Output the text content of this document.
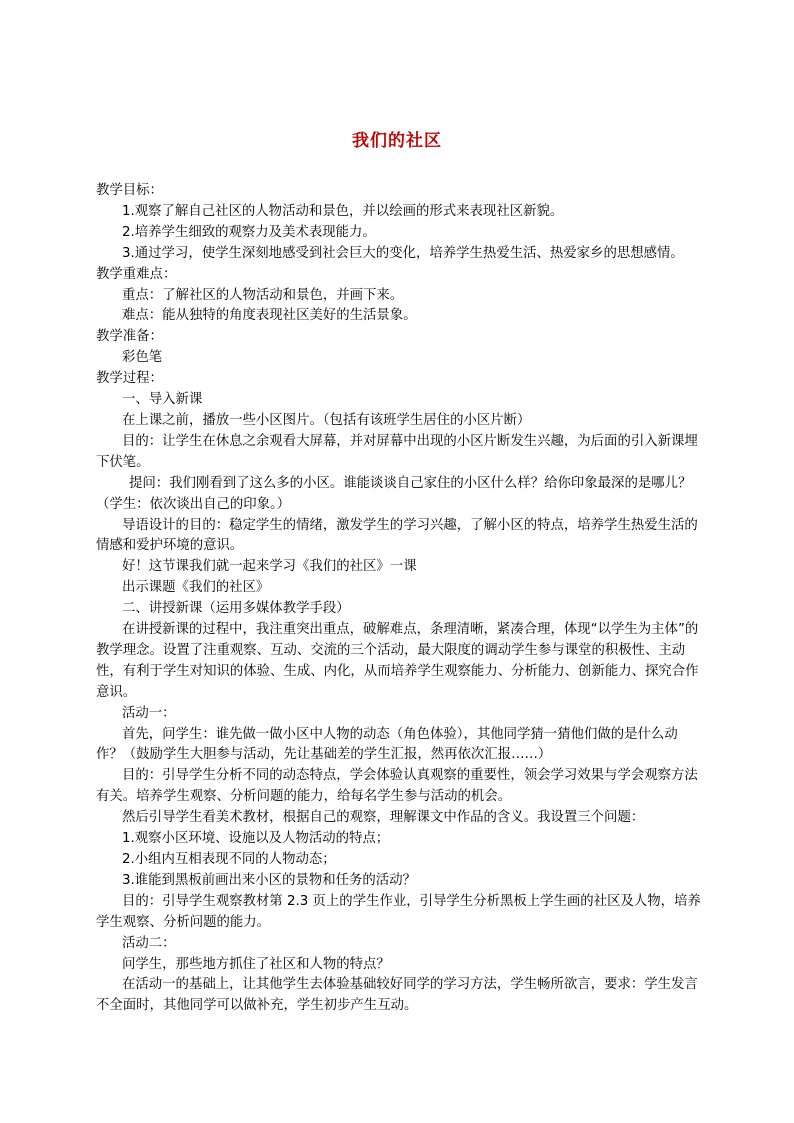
我们的社区

教学目标：

1.观察了解自己社区的人物活动和景色，并以绘画的形式来表现社区新貌。

2.培养学生细致的观察力及美术表现能力。

3.通过学习，使学生深刻地感受到社会巨大的变化，培养学生热爱生活、热爱家乡的思想感情。

教学重难点：

重点：了解社区的人物活动和景色，并画下来。

难点：能从独特的角度表现社区美好的生活景象。

教学准备：

彩色笔

教学过程：

一、导入新课

在上课之前，播放一些小区图片。（包括有该班学生居住的小区片断）

目的：让学生在休息之余观看大屏幕，并对屏幕中出现的小区片断发生兴趣，为后面的引入新课埋下伏笔。

提问：我们刚看到了这么多的小区。谁能谈谈自己家住的小区什么样？给你印象最深的是哪儿？（学生：依次谈出自己的印象。）

导语设计的目的：稳定学生的情绪，激发学生的学习兴趣，了解小区的特点，培养学生热爱生活的情感和爱护环境的意识。

好！这节课我们就一起来学习《我们的社区》一课

出示课题《我们的社区》

二、讲授新课（运用多媒体教学手段）

在讲授新课的过程中，我注重突出重点，破解难点，条理清晰，紧凑合理，体现“以学生为主体”的教学理念。设置了注重观察、互动、交流的三个活动，最大限度的调动学生参与课堂的积极性、主动性，有利于学生对知识的体验、生成、内化，从而培养学生观察能力、分析能力、创新能力、探究合作意识。

活动一：

首先，问学生：谁先做一做小区中人物的动态（角色体验），其他同学猜一猜他们做的是什么动作？（鼓励学生大胆参与活动，先让基础差的学生汇报，然再依次汇报……）

目的：引导学生分析不同的动态特点，学会体验认真观察的重要性，领会学习效果与学会观察方法有关。培养学生观察、分析问题的能力，给每名学生参与活动的机会。

然后引导学生看美术教材，根据自己的观察，理解课文中作品的含义。我设置三个问题：

1.观察小区环境、设施以及人物活动的特点；

2.小组内互相表现不同的人物动态；

3.谁能到黑板前画出来小区的景物和任务的活动？

目的：引导学生观察教材第 2.3 页上的学生作业，引导学生分析黑板上学生画的社区及人物，培养学生观察、分析问题的能力。

活动二：

问学生，那些地方抓住了社区和人物的特点？

在活动一的基础上，让其他学生去体验基础较好同学的学习方法，学生畅所欲言，要求：学生发言不全面时，其他同学可以做补充，学生初步产生互动。
